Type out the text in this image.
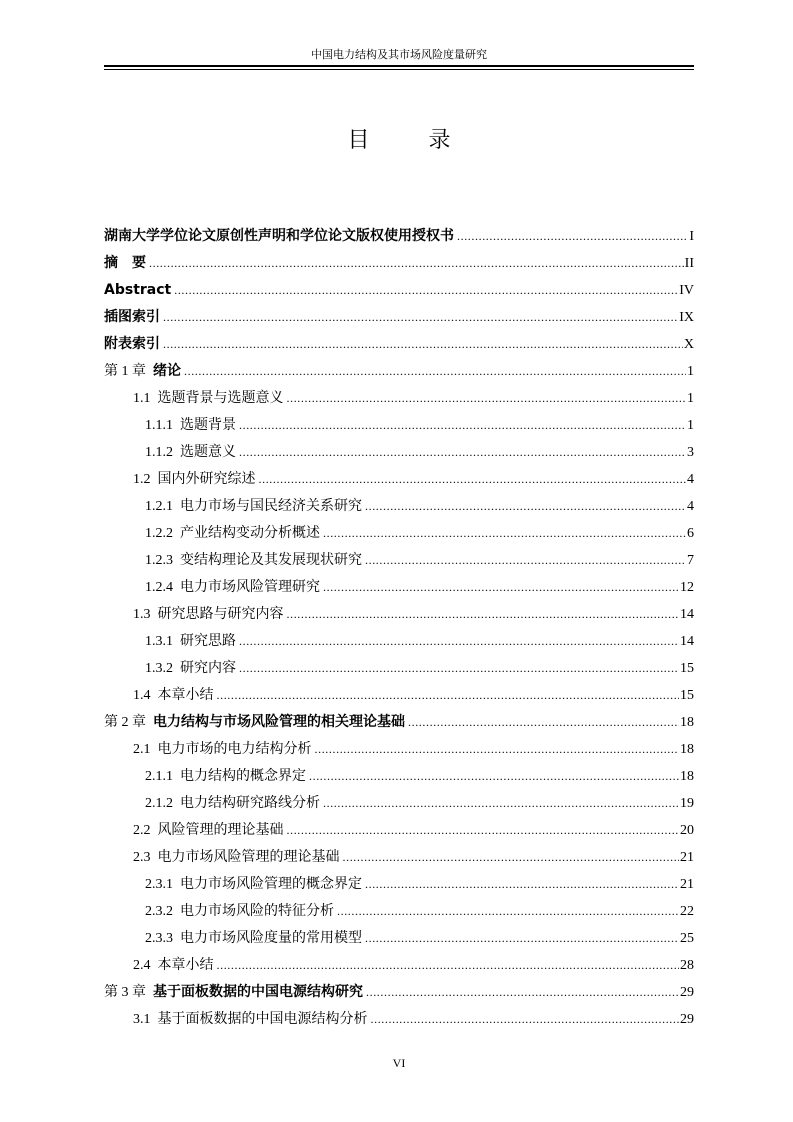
中国电力结构及其市场风险度量研究
目 录
湖南大学学位论文原创性声明和学位论文版权使用授权书 .....	I
摘　要 .....	II
Abstract .....	IV
插图索引 .....	IX
附表索引 .....	X
第 1 章 绪论 .....	1
1.1 选题背景与选题意义 .....	1
1.1.1 选题背景 .....	1
1.1.2 选题意义 .....	3
1.2 国内外研究综述 .....	4
1.2.1 电力市场与国民经济关系研究 .....	4
1.2.2 产业结构变动分析概述 .....	6
1.2.3 变结构理论及其发展现状研究 .....	7
1.2.4 电力市场风险管理研究 .....	12
1.3 研究思路与研究内容 .....	14
1.3.1 研究思路 .....	14
1.3.2 研究内容 .....	15
1.4 本章小结 .....	15
第 2 章 电力结构与市场风险管理的相关理论基础 .....	18
2.1 电力市场的电力结构分析 .....	18
2.1.1 电力结构的概念界定 .....	18
2.1.2 电力结构研究路线分析 .....	19
2.2 风险管理的理论基础 .....	20
2.3 电力市场风险管理的理论基础 .....	21
2.3.1 电力市场风险管理的概念界定 .....	21
2.3.2 电力市场风险的特征分析 .....	22
2.3.3 电力市场风险度量的常用模型 .....	25
2.4 本章小结 .....	28
第 3 章 基于面板数据的中国电源结构研究 .....	29
3.1 基于面板数据的中国电源结构分析 .....	29
VI
